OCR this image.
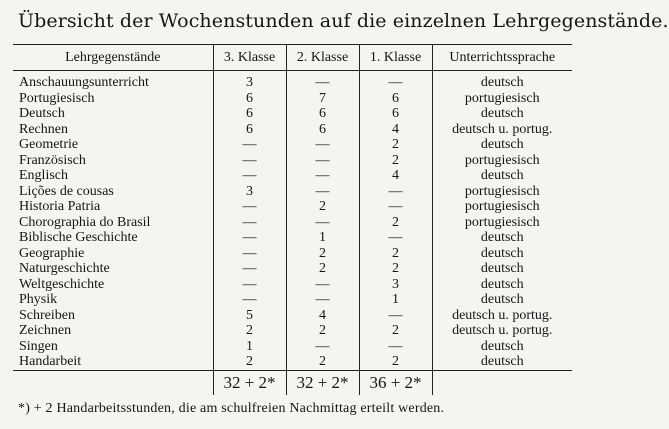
Übersicht der Wochenstunden auf die einzelnen Lehrgegenstände.
Lehrgegenstände	3. Klasse	2. Klasse	1. Klasse	Unterrichtssprache
Anschauungsunterricht	3	—	—	deutsch
Portugiesisch	6	7	6	portugiesisch
Deutsch	6	6	6	deutsch
Rechnen	6	6	4	deutsch u. portug.
Geometrie	—	—	2	deutsch
Französisch	—	—	2	portugiesisch
Englisch	—	—	4	deutsch
Lições de cousas	3	—	—	portugiesisch
Historia Patria	—	2	—	portugiesisch
Chorographia do Brasil	—	—	2	portugiesisch
Biblische Geschichte	—	1	—	deutsch
Geographie	—	2	2	deutsch
Naturgeschichte	—	2	2	deutsch
Weltgeschichte	—	—	3	deutsch
Physik	—	—	1	deutsch
Schreiben	5	4	—	deutsch u. portug.
Zeichnen	2	2	2	deutsch u. portug.
Singen	1	—	—	deutsch
Handarbeit	2	2	2	deutsch
	32 + 2*	32 + 2*	36 + 2*	
*) + 2 Handarbeitsstunden, die am schulfreien Nachmittag erteilt werden.
